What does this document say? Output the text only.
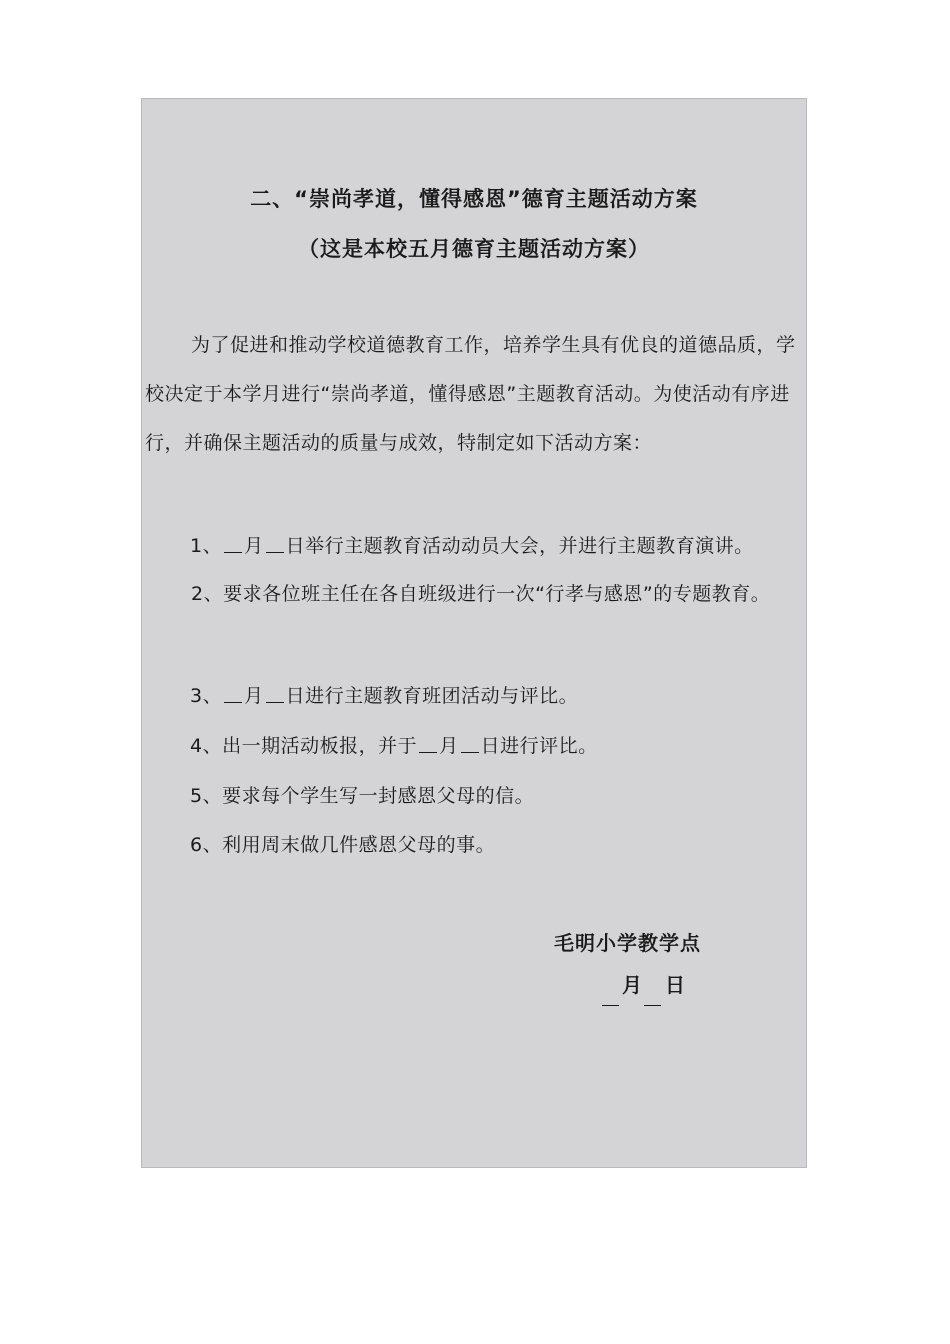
二、“崇尚孝道，懂得感恩”德育主题活动方案
（这是本校五月德育主题活动方案）
为了促进和推动学校道德教育工作，培养学生具有优良的道德品质，学校决定于本学月进行“崇尚孝道，懂得感恩”主题教育活动。为使活动有序进行，并确保主题活动的质量与成效，特制定如下活动方案：
1、 月 日举行主题教育活动动员大会，并进行主题教育演讲。
2、要求各位班主任在各自班级进行一次“行孝与感恩”的专题教育。
3、 月 日进行主题教育班团活动与评比。
4、出一期活动板报，并于 月 日进行评比。
5、要求每个学生写一封感恩父母的信。
6、利用周末做几件感恩父母的事。
毛明小学教学点
月 日
